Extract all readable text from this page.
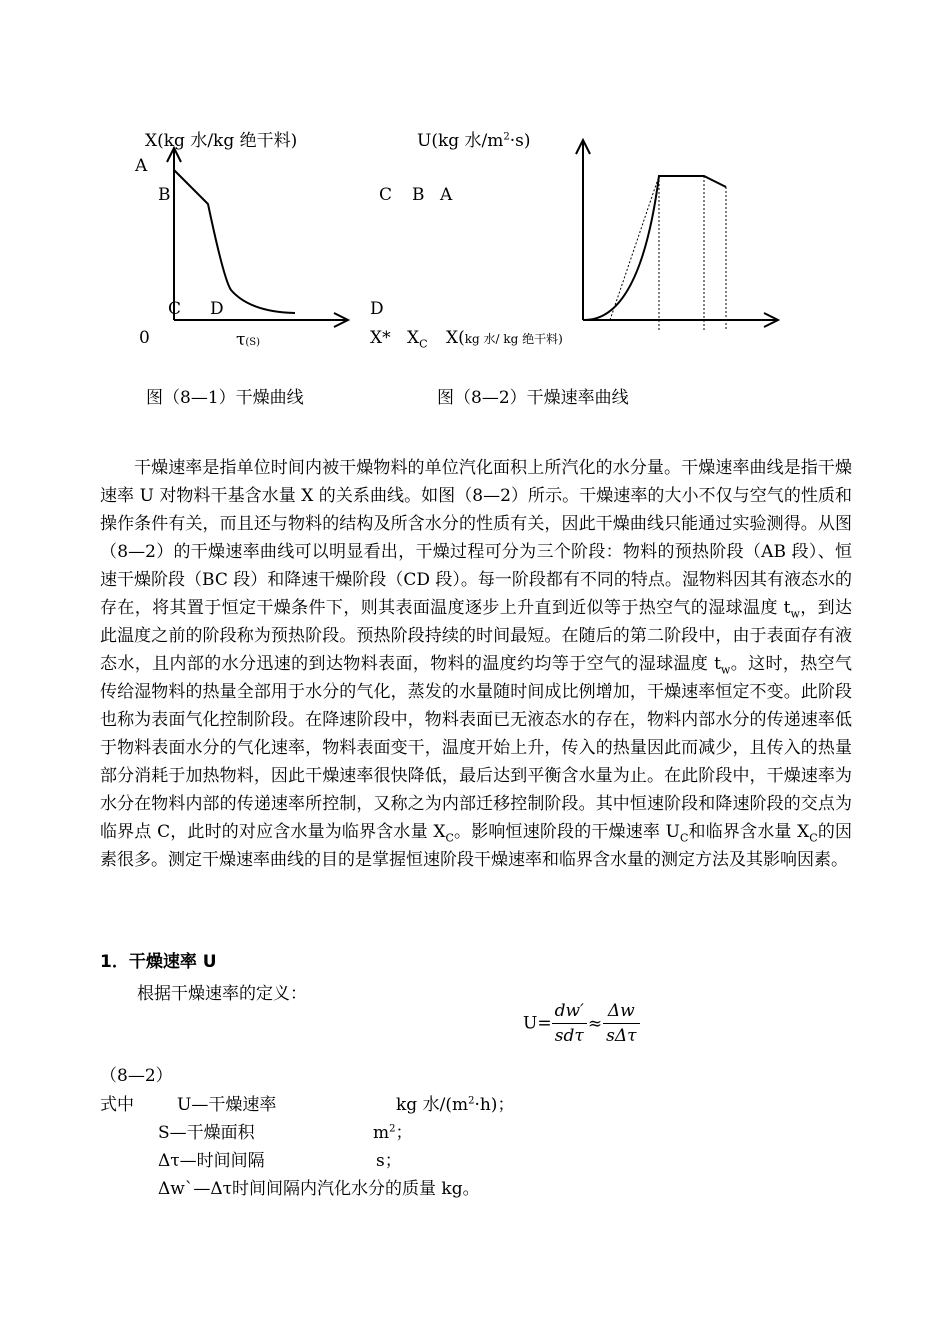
X(kg 水/kg 绝干料)
A
B
C D
0	τ(S)
图（8—1）干燥曲线
U(kg 水$/m^2\cdot s$)
C B A
D
X* $X_C$ X(kg 水/ kg 绝干料)
图（8—2）干燥速率曲线

干燥速率是指单位时间内被干燥物料的单位汽化面积上所汽化的水分量。干燥速率曲线是指干燥速率 U 对物料干基含水量 X 的关系曲线。如图（8—2）所示。干燥速率的大小不仅与空气的性质和操作条件有关，而且还与物料的结构及所含水分的性质有关，因此干燥曲线只能通过实验测得。从图（8—2）的干燥速率曲线可以明显看出，干燥过程可分为三个阶段：物料的预热阶段（AB 段）、恒速干燥阶段（BC 段）和降速干燥阶段（CD 段）。每一阶段都有不同的特点。湿物料因其有液态水的存在，将其置于恒定干燥条件下，则其表面温度逐步上升直到近似等于热空气的湿球温度 $t_w$，到达此温度之前的阶段称为预热阶段。预热阶段持续的时间最短。在随后的第二阶段中，由于表面存有液态水，且内部的水分迅速的到达物料表面，物料的温度约均等于空气的湿球温度 $t_w$。这时，热空气传给湿物料的热量全部用于水分的气化，蒸发的水量随时间成比例增加，干燥速率恒定不变。此阶段也称为表面气化控制阶段。在降速阶段中，物料表面已无液态水的存在，物料内部水分的传递速率低于物料表面水分的气化速率，物料表面变干，温度开始上升，传入的热量因此而减少，且传入的热量部分消耗于加热物料，因此干燥速率很快降低，最后达到平衡含水量为止。在此阶段中，干燥速率为水分在物料内部的传递速率所控制，又称之为内部迁移控制阶段。其中恒速阶段和降速阶段的交点为临界点 C，此时的对应含水量为临界含水量 $X_C$。影响恒速阶段的干燥速率 $U_C$和临界含水量 $X_C$的因素很多。测定干燥速率曲线的目的是掌握恒速阶段干燥速率和临界含水量的测定方法及其影响因素。

1．干燥速率 U
根据干燥速率的定义：
$U= \frac{dw'}{\text{sdτ}} \approx \frac{\Delta w}{\text{sΔτ}}$
（8—2）
式中	U—干燥速率	kg 水$/(m^2\cdot h)$；
S—干燥面积	$m^2$；
Δτ—时间间隔	s；
Δw`—Δτ时间间隔内汽化水分的质量 kg。
